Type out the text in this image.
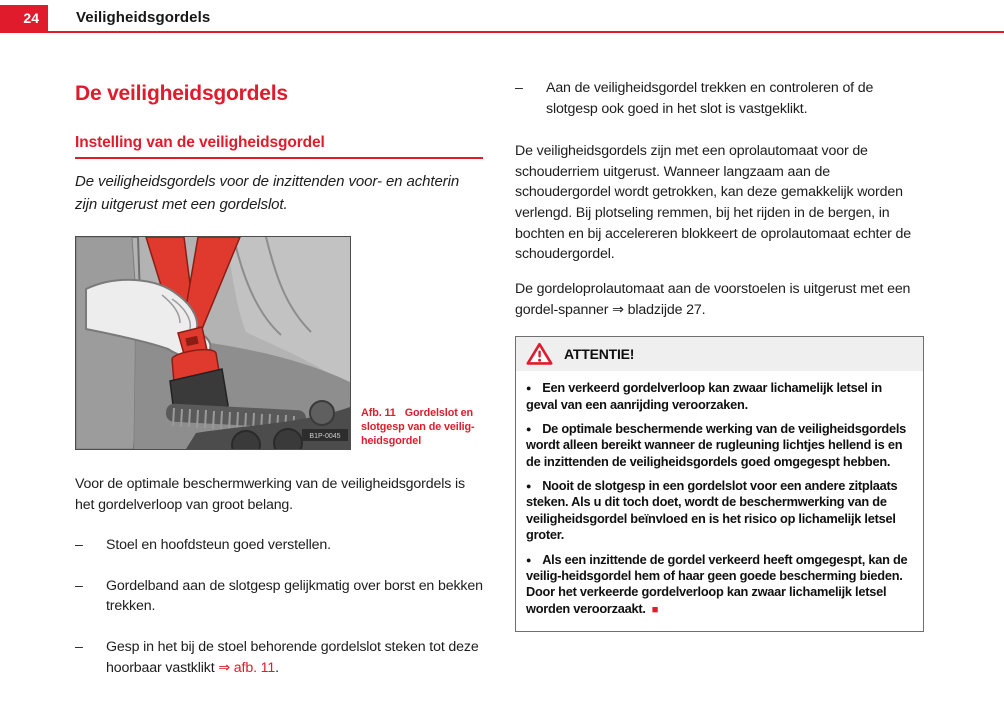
24	Veiligheidsgordels
De veiligheidsgordels
Instelling van de veiligheidsgordel

De veiligheidsgordels voor de inzittenden voor- en achterin zijn uitgerust met een gordelslot.

B1P-0045
Afb. 11 Gordelslot en slotgesp van de veilig-heidsgordel

Voor de optimale beschermwerking van de veiligheidsgordels is het gordelverloop van groot belang.

– Stoel en hoofdsteun goed verstellen.
– Gordelband aan de slotgesp gelijkmatig over borst en bekken trekken.
– Gesp in het bij de stoel behorende gordelslot steken tot deze hoorbaar vastklikt ⇒ afb. 11.
– Aan de veiligheidsgordel trekken en controleren of de slotgesp ook goed in het slot is vastgeklikt.

De veiligheidsgordels zijn met een oprolautomaat voor de schouderriem uitgerust. Wanneer langzaam aan de schoudergordel wordt getrokken, kan deze gemakkelijk worden verlengd. Bij plotseling remmen, bij het rijden in de bergen, in bochten en bij accelereren blokkeert de oprolautomaat echter de schoudergordel.

De gordeloprolautomaat aan de voorstoelen is uitgerust met een gordel-spanner ⇒ bladzijde 27.

ATTENTIE!

● Een verkeerd gordelverloop kan zwaar lichamelijk letsel in geval van een aanrijding veroorzaken.

● De optimale beschermende werking van de veiligheidsgordels wordt alleen bereikt wanneer de rugleuning lichtjes hellend is en de inzittenden de veiligheidsgordels goed omgegespt hebben.

● Nooit de slotgesp in een gordelslot voor een andere zitplaats steken. Als u dit toch doet, wordt de beschermwerking van de veiligheidsgordel beïnvloed en is het risico op lichamelijk letsel groter.

● Als een inzittende de gordel verkeerd heeft omgegespt, kan de veilig-heidsgordel hem of haar geen goede bescherming bieden. Door het verkeerde gordelverloop kan zwaar lichamelijk letsel worden veroorzaakt. ■
